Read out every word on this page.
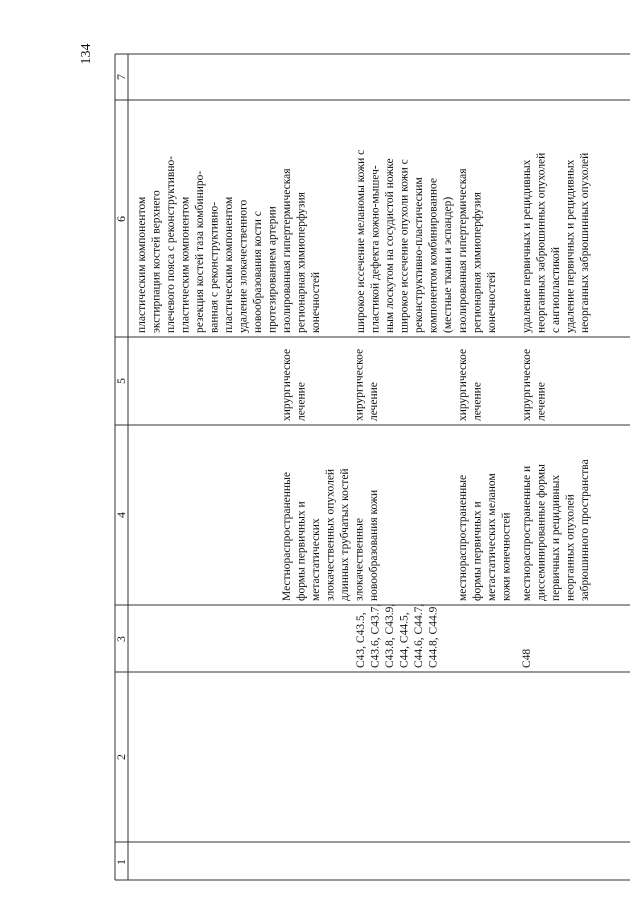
134
1
2
3
4
5
6
7
пластическим компонентом экстирпация костей верхнего плечевого пояса с реконструктивно- пластическим компонентом резекция костей таза комбиниро- ванная с реконструктивно- пластическим компонентом удаление злокачественного новообразования кости с протезированием артерии изолированная гипертермическая регионарная химиоперфузия конечностей
С43, С43.5, С43.6, С43.7, С43.8, С43.9, С44, С44.5, С44.6, С44.7, С44.8, С44.9
Местнораспространенные формы первичных и метастатических злокачественных опухолей длинных трубчатых костей злокачественные новообразования кожи
хирургическое лечение	хирургическое лечение
широкое иссечение меланомы кожи с пластикой дефекта кожно-мышеч- ным лоскутом на сосудистой ножке широкое иссечение опухоли кожи с реконструктивно-пластическим компонентом комбинированное (местные ткани и эспандер)
местнораспространенные формы первичных и метастатических меланом кожи конечностей
хирургическое лечение
изолированная гипертермическая регионарная химиоперфузия конечностей
С48
местнораспространенные и диссеминированные формы первичных и рецидивных неорганных опухолей забрюшинного пространства
хирургическое лечение
удаление первичных и рецидивных неорганных забрюшинных опухолей с ангиопластикой удаление первичных и рецидивных неорганных забрюшинных опухолей
